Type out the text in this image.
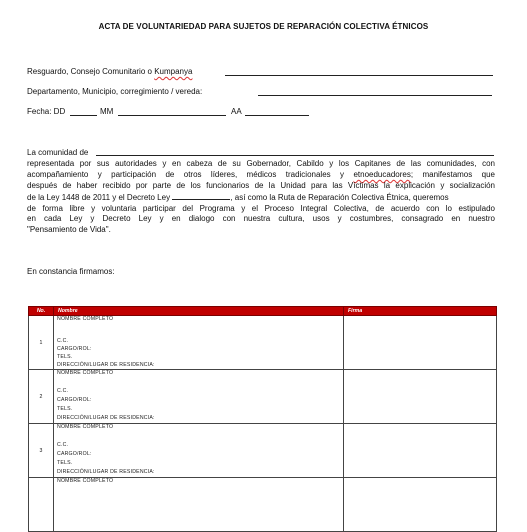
ACTA DE VOLUNTARIEDAD PARA SUJETOS DE REPARACIÓN COLECTIVA ÉTNICOS
Resguardo, Consejo Comunitario o Kumpanya
Departamento, Municipio, corregimiento / vereda:
Fecha: DD	MM	AA
La comunidad de
representada por sus autoridades y en cabeza de su Gobernador, Cabildo y los Capitanes de las comunidades, con
acompañamiento y participación de otros líderes, médicos tradicionales y etnoeducadores; manifestamos que
después de haber recibido por parte de los funcionarios de la Unidad para las Víctimas la explicación y socialización
de la Ley 1448 de 2011 y el Decreto Ley	, así como la Ruta de Reparación Colectiva Étnica, queremos
de forma libre y voluntaria participar del Programa y el Proceso Integral Colectiva, de acuerdo con lo estipulado
en cada Ley y Decreto Ley y en dialogo con nuestra cultura, usos y costumbres, consagrado en nuestro
"Pensamiento de Vida".
En constancia firmamos:
No.	Nombre	Firma
1	NOMBRE COMPLETO
C.C.
CARGO/ROL:
TELS.
DIRECCIÓN/LUGAR DE RESIDENCIA:	

2	NOMBRE COMPLETO
C.C.
CARGO/ROL:
TELS.
DIRECCIÓN/LUGAR DE RESIDENCIA:	

3	NOMBRE COMPLETO
C.C.
CARGO/ROL:
TELS.
DIRECCIÓN/LUGAR DE RESIDENCIA:	

	NOMBRE COMPLETO	
